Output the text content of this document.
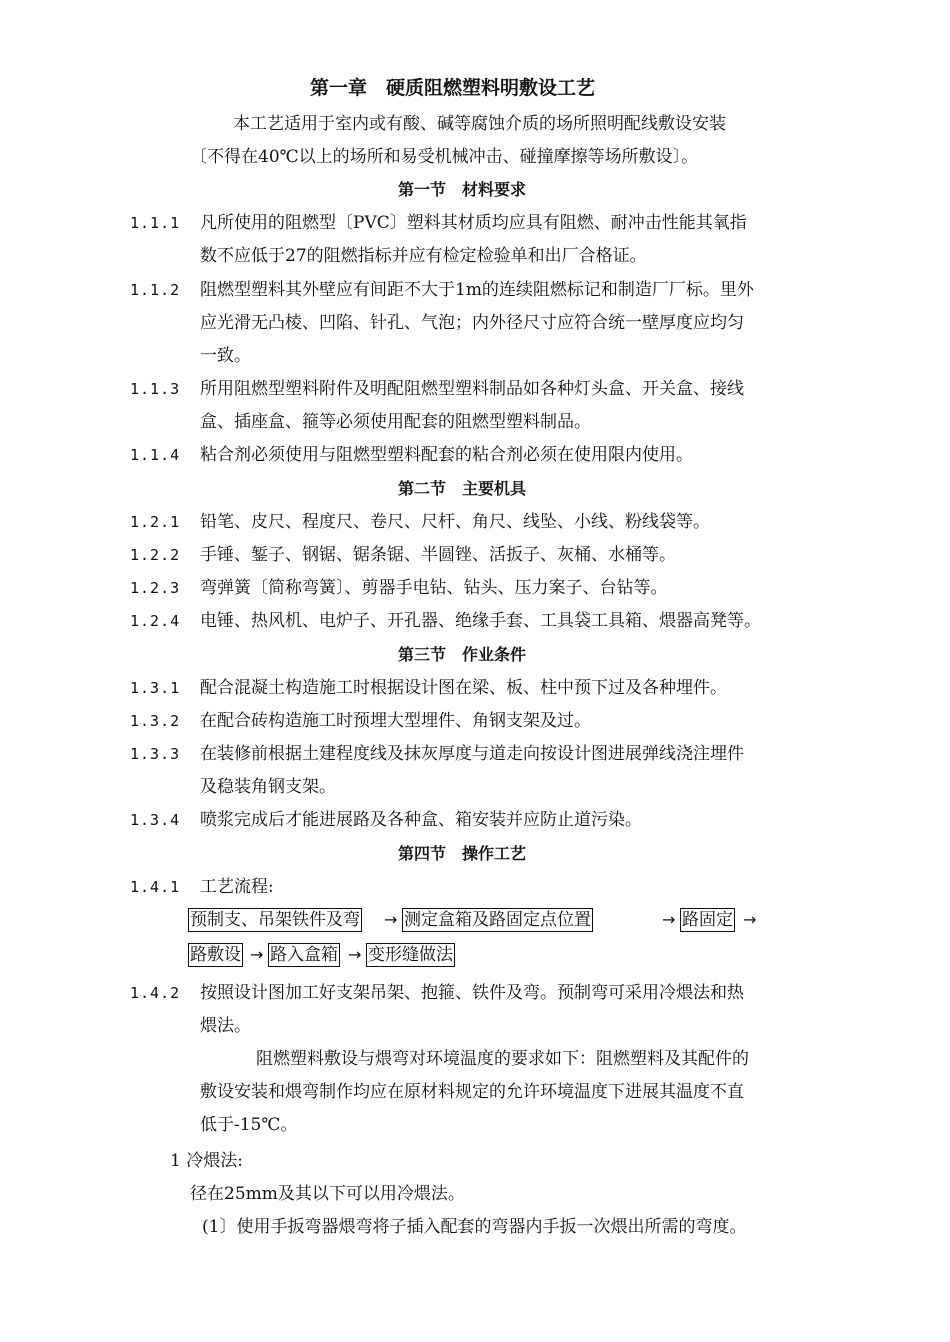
第一章　硬质阻燃塑料明敷设工艺
本工艺适用于室内或有酸、碱等腐蚀介质的场所照明配线敷设安装
〔不得在40℃以上的场所和易受机械冲击、碰撞摩擦等场所敷设〕。
第一节　材料要求
1.1.1 凡所使用的阻燃型〔PVC〕塑料其材质均应具有阻燃、耐冲击性能其氧指
数不应低于27的阻燃指标并应有检定检验单和出厂合格证。
1.1.2 阻燃型塑料其外壁应有间距不大于1m的连续阻燃标记和制造厂厂标。里外
应光滑无凸棱、凹陷、针孔、气泡；内外径尺寸应符合统一壁厚度应均匀
一致。
1.1.3 所用阻燃型塑料附件及明配阻燃型塑料制品如各种灯头盒、开关盒、接线
盒、插座盒、箍等必须使用配套的阻燃型塑料制品。
1.1.4 粘合剂必须使用与阻燃型塑料配套的粘合剂必须在使用限内使用。
第二节　主要机具
1.2.1 铅笔、皮尺、程度尺、卷尺、尺杆、角尺、线坠、小线、粉线袋等。
1.2.2 手锤、錾子、钢锯、锯条锯、半圆锉、活扳子、灰桶、水桶等。
1.2.3 弯弹簧〔简称弯簧〕、剪器手电钻、钻头、压力案子、台钻等。
1.2.4 电锤、热风机、电炉子、开孔器、绝缘手套、工具袋工具箱、煨器高凳等。
第三节　作业条件
1.3.1 配合混凝土构造施工时根据设计图在梁、板、柱中预下过及各种埋件。
1.3.2 在配合砖构造施工时预埋大型埋件、角钢支架及过。
1.3.3 在装修前根据土建程度线及抹灰厚度与道走向按设计图进展弹线浇注埋件
及稳装角钢支架。
1.3.4 喷浆完成后才能进展路及各种盒、箱安装并应防止道污染。
第四节　操作工艺
1.4.1 工艺流程:
预制支、吊架铁件及弯 → 测定盒箱及路固定点位置	→ 路固定 →
路敷设 → 路入盒箱 → 变形缝做法
1.4.2 按照设计图加工好支架吊架、抱箍、铁件及弯。预制弯可采用冷煨法和热
煨法。
阻燃塑料敷设与煨弯对环境温度的要求如下：阻燃塑料及其配件的
敷设安装和煨弯制作均应在原材料规定的允许环境温度下进展其温度不直
低于-15℃。
1 冷煨法:
径在25mm及其以下可以用冷煨法。
(1〕使用手扳弯器煨弯将子插入配套的弯器内手扳一次煨出所需的弯度。
